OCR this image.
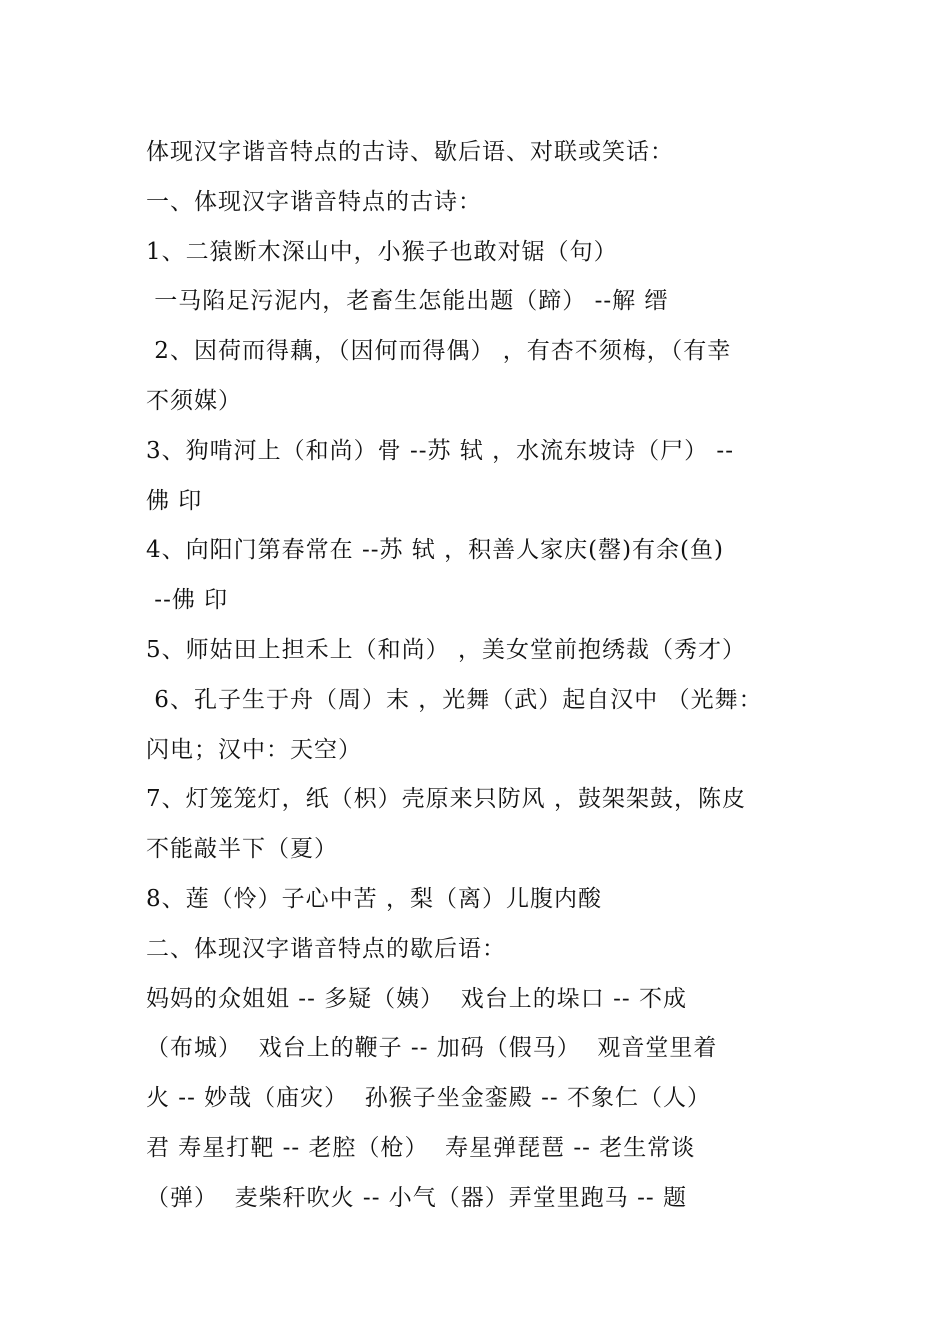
体现汉字谐音特点的古诗、歇后语、对联或笑话：
一、体现汉字谐音特点的古诗：
1、二猿断木深山中，小猴子也敢对锯（句）
一马陷足污泥内，老畜生怎能出题（蹄） --解 缙
2、因荷而得藕，（因何而得偶） ，有杏不须梅，（有幸
不须媒）
3、狗啃河上（和尚）骨 --苏 轼 ，水流东坡诗（尸） --
佛 印
4、向阳门第春常在 --苏 轼 ，积善人家庆(罄)有余(鱼)
--佛 印
5、师姑田上担禾上（和尚） ，美女堂前抱绣裁（秀才）
6、孔子生于舟（周）末 ，光舞（武）起自汉中 （光舞：
闪电；汉中：天空）
7、灯笼笼灯，纸（枳）壳原来只防风 ，鼓架架鼓，陈皮
不能敲半下（夏）
8、莲（怜）子心中苦 ，梨（离）儿腹内酸
二、体现汉字谐音特点的歇后语：
妈妈的众姐姐 -- 多疑（姨）  戏台上的垛口 -- 不成
（布城）  戏台上的鞭子 -- 加码（假马）  观音堂里着
火 -- 妙哉（庙灾）  孙猴子坐金銮殿 -- 不象仁（人）
君 寿星打靶 -- 老腔（枪）  寿星弹琵琶 -- 老生常谈
（弹）  麦柴秆吹火 -- 小气（器）弄堂里跑马 -- 题
